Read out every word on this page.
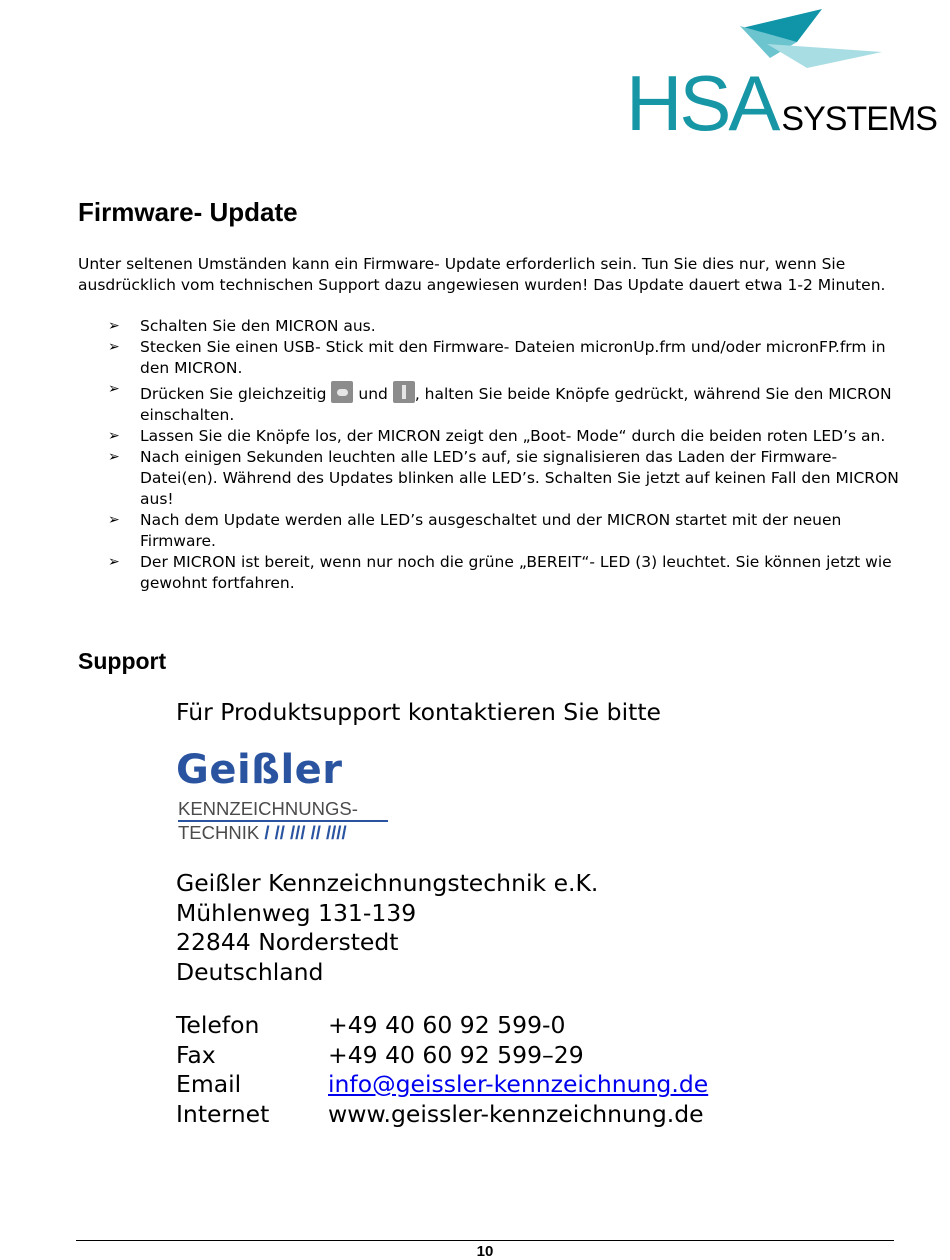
HSA SYSTEMS
Firmware- Update

Unter seltenen Umständen kann ein Firmware- Update erforderlich sein. Tun Sie dies nur, wenn Sie ausdrücklich vom technischen Support dazu angewiesen wurden! Das Update dauert etwa 1-2 Minuten.

➢ Schalten Sie den MICRON aus.
➢ Stecken Sie einen USB- Stick mit den Firmware- Dateien micronUp.frm und/oder micronFP.frm in den MICRON.
➢ Drücken Sie gleichzeitig und , halten Sie beide Knöpfe gedrückt, während Sie den MICRON einschalten.
➢ Lassen Sie die Knöpfe los, der MICRON zeigt den „Boot- Mode“ durch die beiden roten LED’s an.
➢ Nach einigen Sekunden leuchten alle LED’s auf, sie signalisieren das Laden der Firmware- Datei(en). Während des Updates blinken alle LED’s. Schalten Sie jetzt auf keinen Fall den MICRON aus!
➢ Nach dem Update werden alle LED’s ausgeschaltet und der MICRON startet mit der neuen Firmware.
➢ Der MICRON ist bereit, wenn nur noch die grüne „BEREIT“- LED (3) leuchtet. Sie können jetzt wie gewohnt fortfahren.
Support

Für Produktsupport kontaktieren Sie bitte

Geißler
KENNZEICHNUNGS-
TECHNIK / // /// // ////
Geißler Kennzeichnungstechnik e.K.
Mühlenweg 131-139
22844 Norderstedt
Deutschland
Telefon	+49 40 60 92 599-0
Fax	+49 40 60 92 599–29
Email	info@geissler-kennzeichnung.de
Internet www.geissler-kennzeichnung.de
10
